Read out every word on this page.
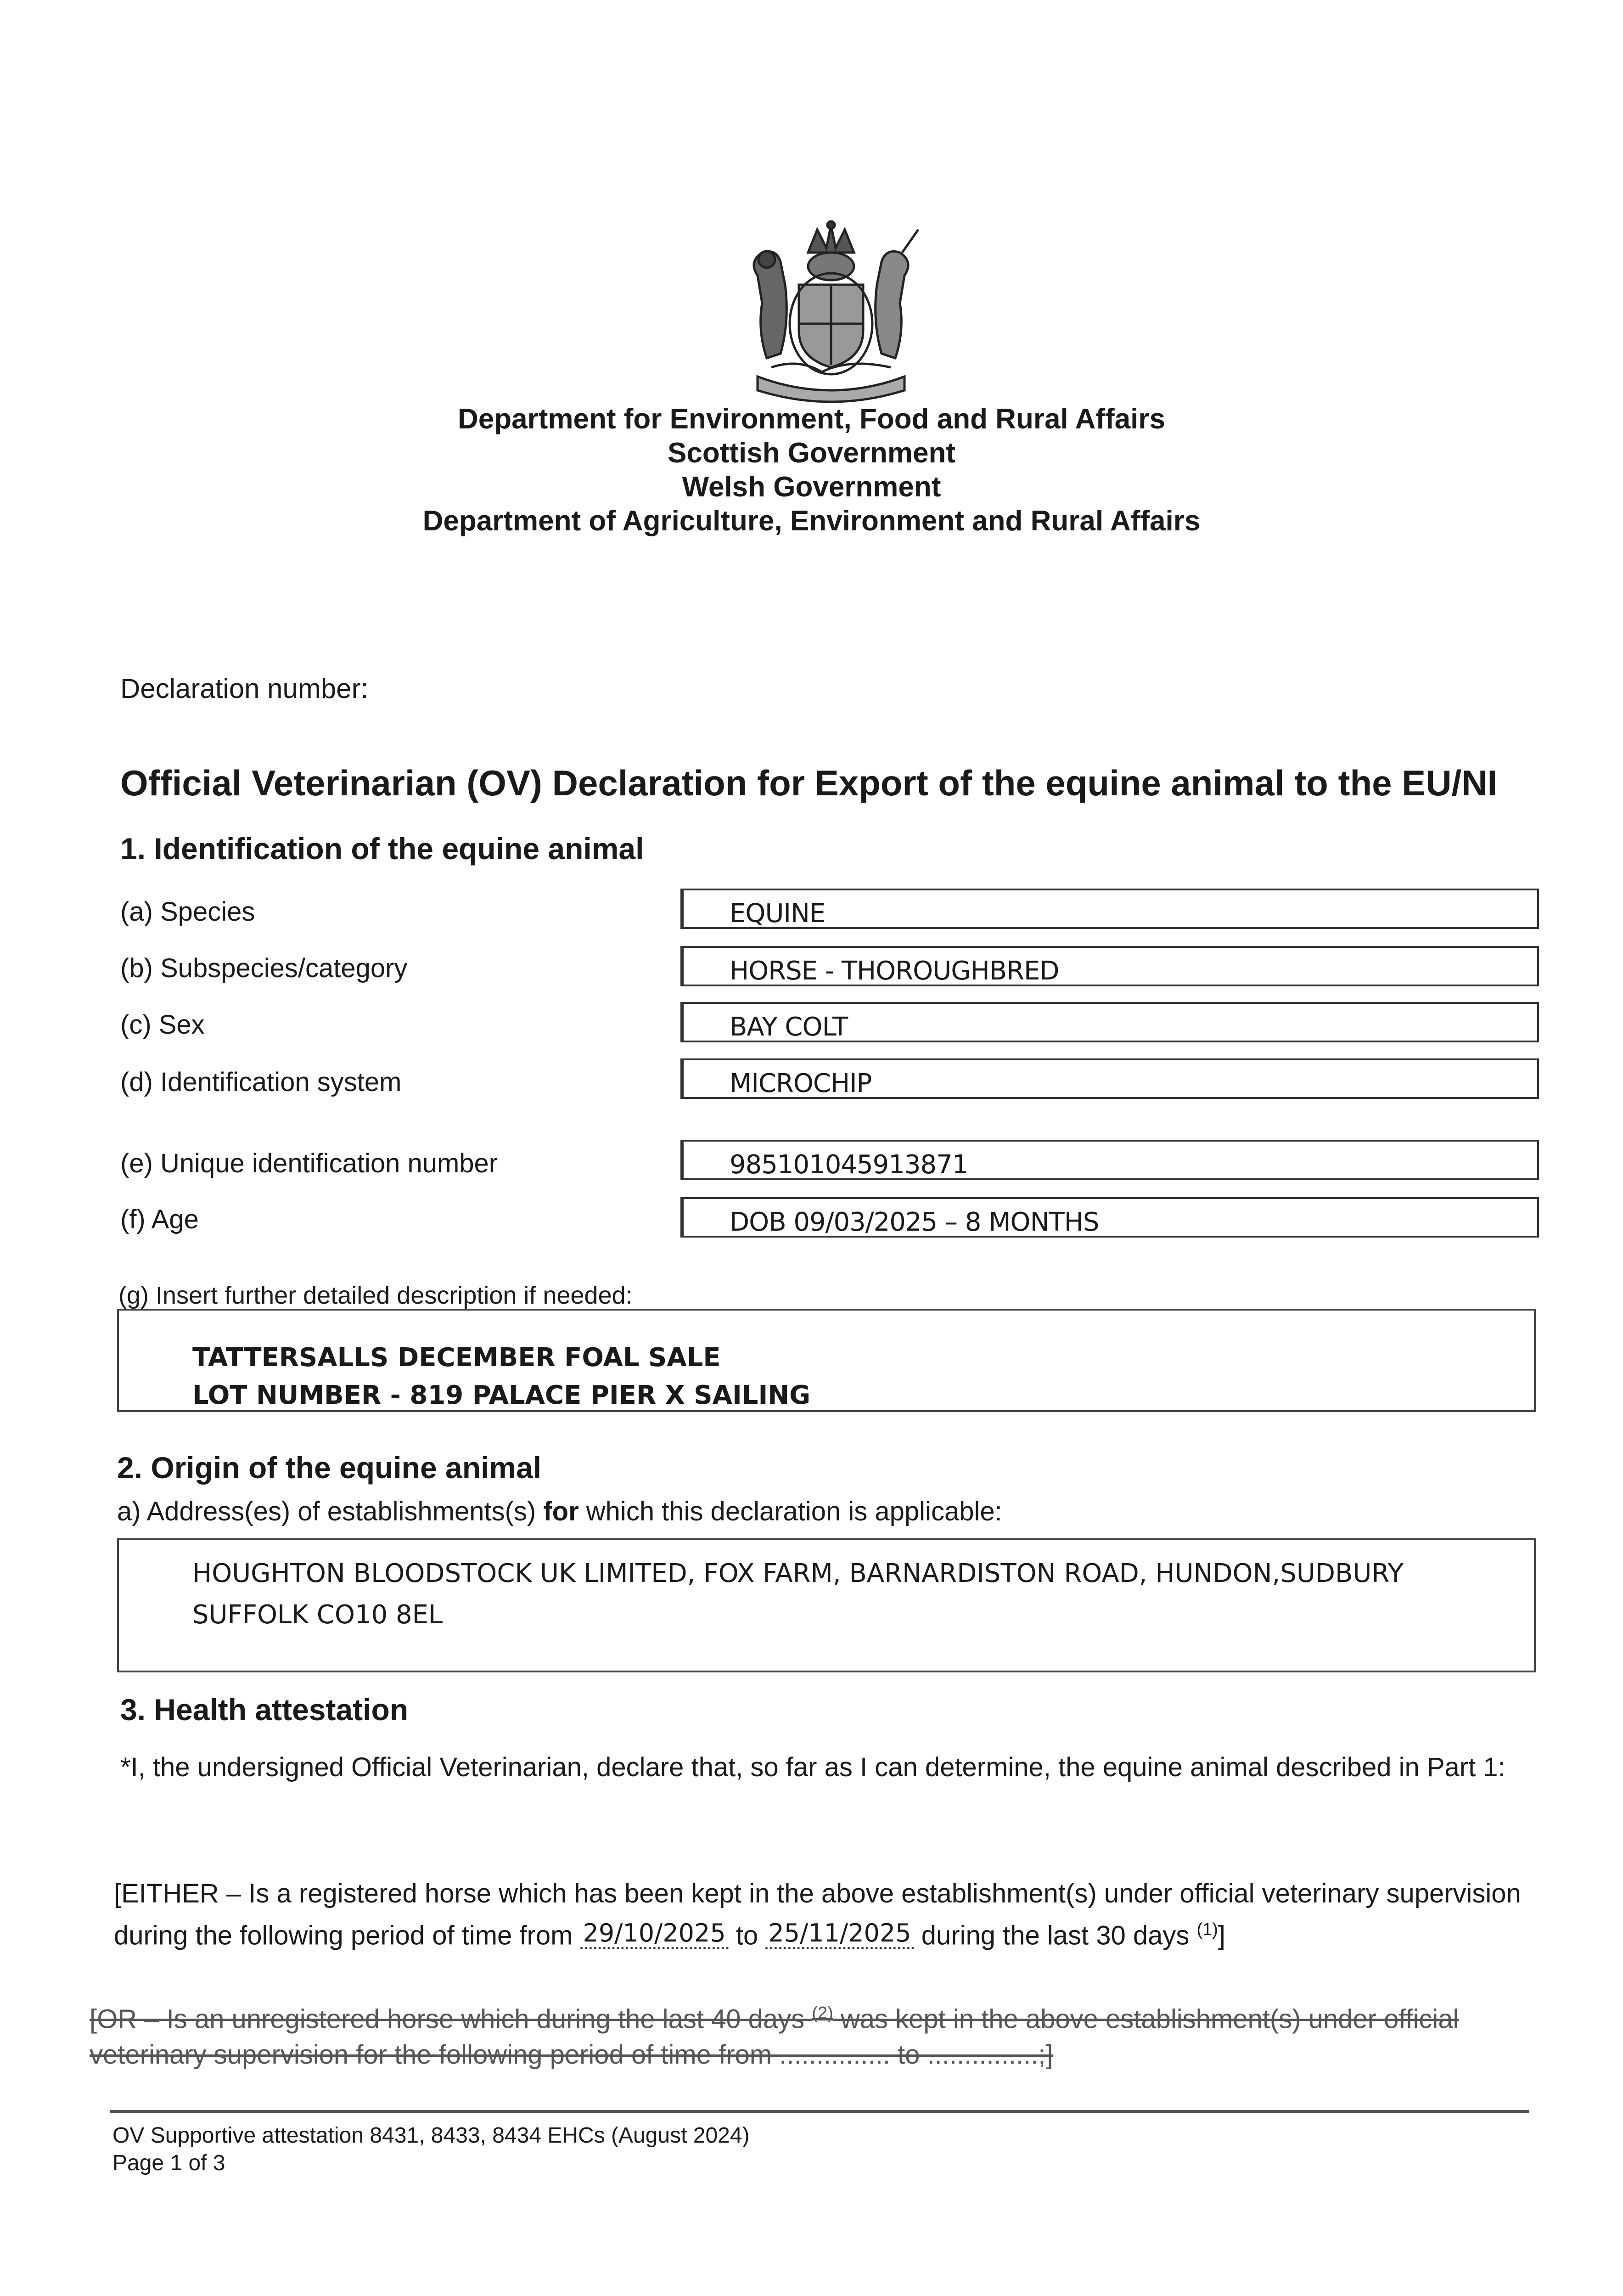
Department for Environment, Food and Rural Affairs
Scottish Government
Welsh Government
Department of Agriculture, Environment and Rural Affairs
Declaration number:
Official Veterinarian (OV) Declaration for Export of the equine animal to the EU/NI
1. Identification of the equine animal
(a) Species	EQUINE
(b) Subspecies/category	HORSE - THOROUGHBRED
(c) Sex	BAY COLT
(d) Identification system	MICROCHIP
(e) Unique identification number	985101045913871
(f) Age	DOB 09/03/2025 – 8 MONTHS
(g) Insert further detailed description if needed:
TATTERSALLS DECEMBER FOAL SALE
LOT NUMBER - 819 PALACE PIER X SAILING
2. Origin of the equine animal
a) Address(es) of establishments(s) for which this declaration is applicable:
HOUGHTON BLOODSTOCK UK LIMITED, FOX FARM, BARNARDISTON ROAD, HUNDON,SUDBURY
SUFFOLK CO10 8EL
3. Health attestation
*I, the undersigned Official Veterinarian, declare that, so far as I can determine, the equine animal described in Part 1:
[EITHER – Is a registered horse which has been kept in the above establishment(s) under official veterinary supervision during the following period of time from 29/10/2025 to 25/11/2025 during the last 30 days $^{(1)}$]
[OR – Is an unregistered horse which during the last 40 days $^{(2)}$ was kept in the above establishment(s) under official veterinary supervision for the following period of time from ............... to ...............;]
OV Supportive attestation 8431, 8433, 8434 EHCs (August 2024)
Page 1 of 3
